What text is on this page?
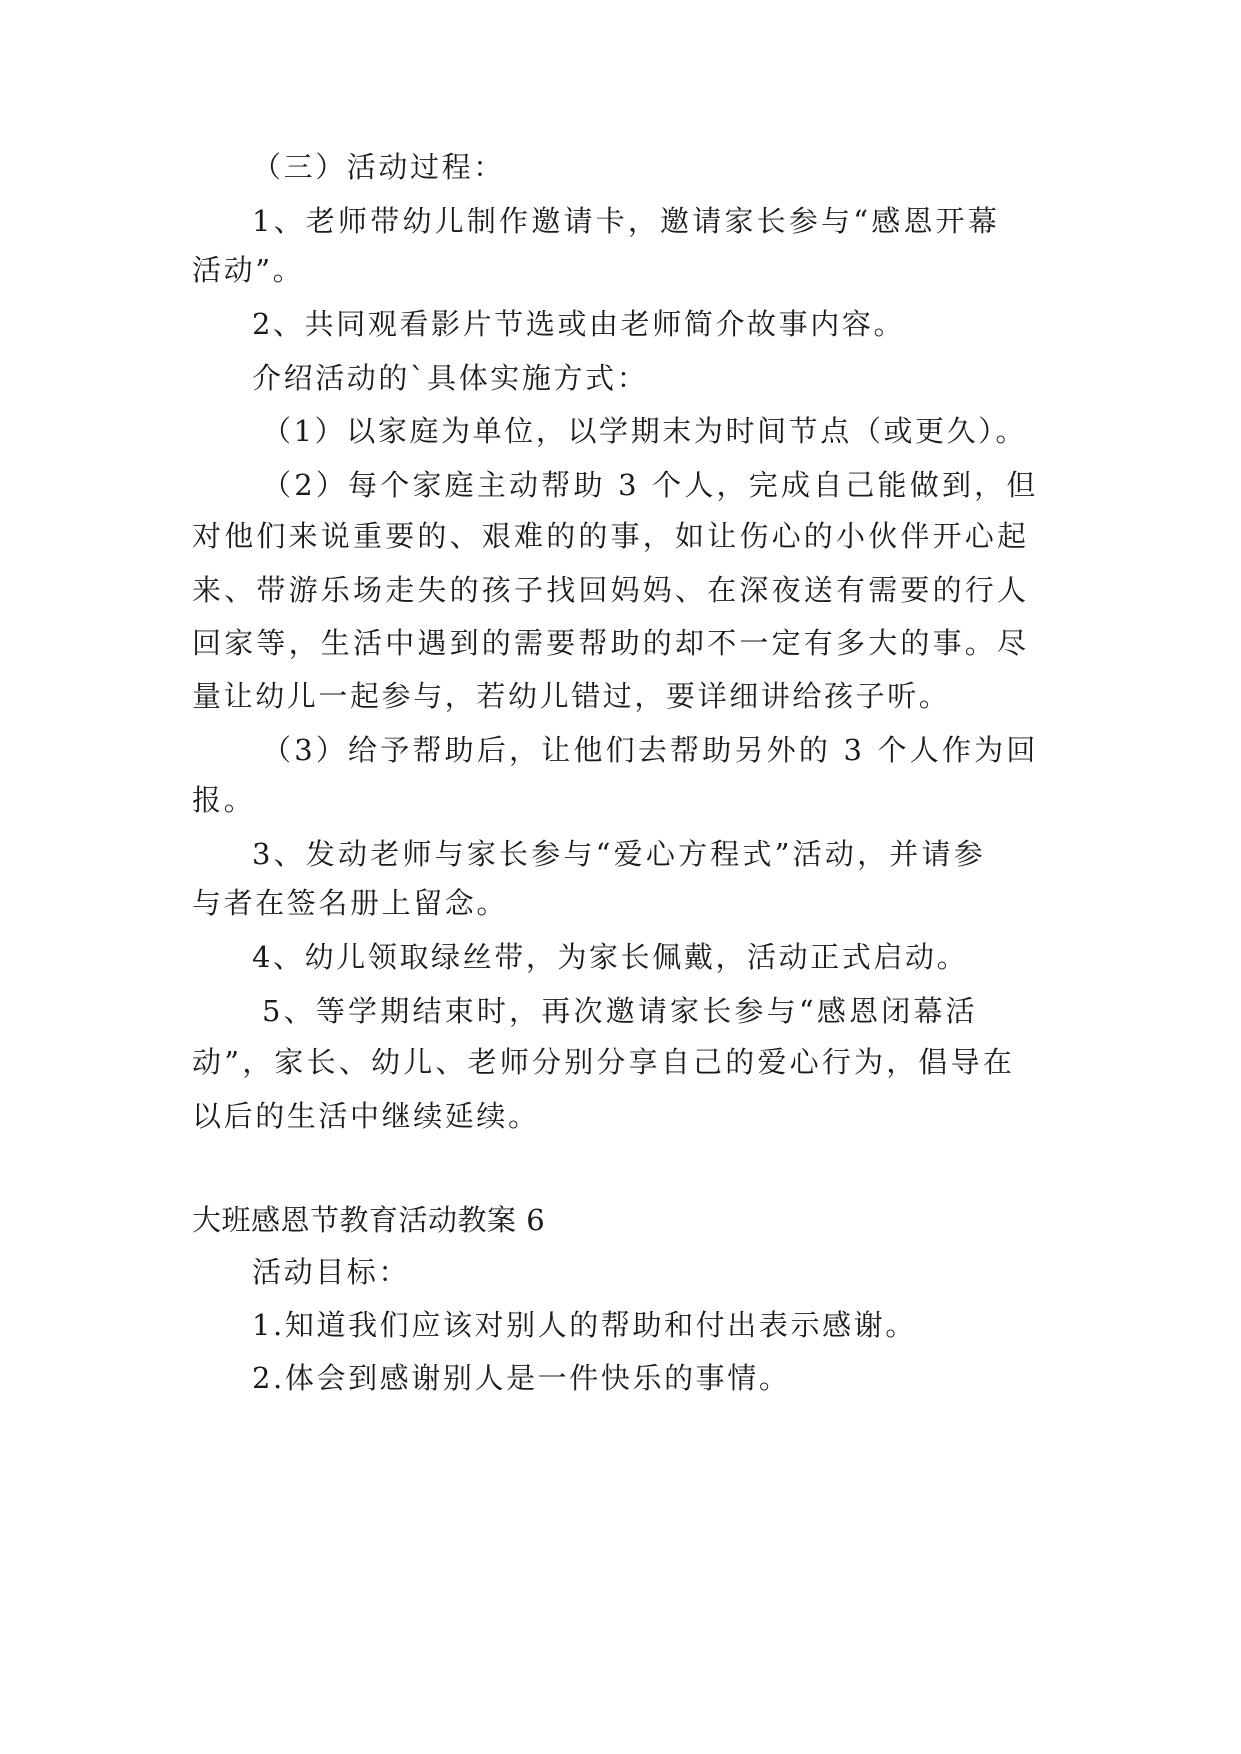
（三）活动过程：
1、老师带幼儿制作邀请卡，邀请家长参与“感恩开幕
活动”。
2、共同观看影片节选或由老师简介故事内容。
介绍活动的`具体实施方式：
（1）以家庭为单位，以学期末为时间节点（或更久）。
（2）每个家庭主动帮助 3 个人，完成自己能做到，但
对他们来说重要的、艰难的的事，如让伤心的小伙伴开心起
来、带游乐场走失的孩子找回妈妈、在深夜送有需要的行人
回家等，生活中遇到的需要帮助的却不一定有多大的事。尽
量让幼儿一起参与，若幼儿错过，要详细讲给孩子听。
（3）给予帮助后，让他们去帮助另外的 3 个人作为回
报。
3、发动老师与家长参与“爱心方程式”活动，并请参
与者在签名册上留念。
4、幼儿领取绿丝带，为家长佩戴，活动正式启动。
5、等学期结束时，再次邀请家长参与“感恩闭幕活
动”，家长、幼儿、老师分别分享自己的爱心行为，倡导在
以后的生活中继续延续。
大班感恩节教育活动教案 6
活动目标：
1.知道我们应该对别人的帮助和付出表示感谢。
2.体会到感谢别人是一件快乐的事情。
